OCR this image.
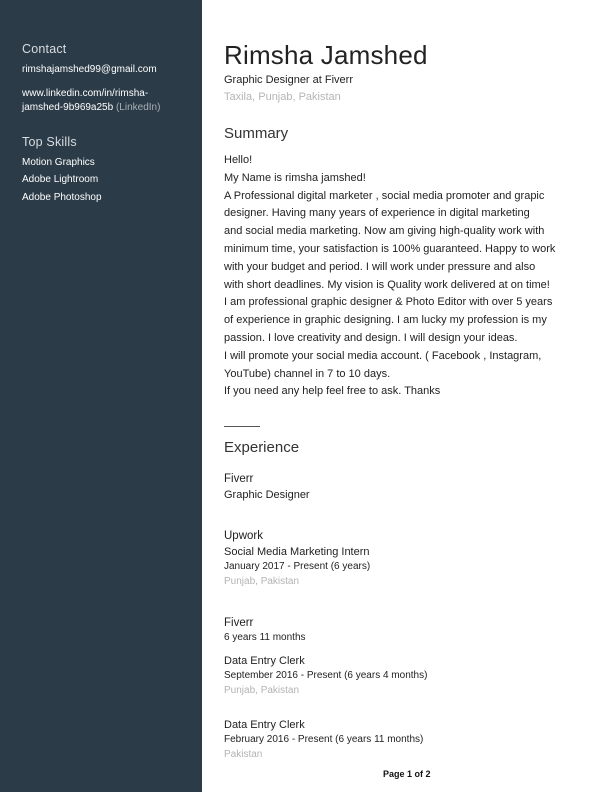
Contact
rimshajamshed99@gmail.com
www.linkedin.com/in/rimsha-
jamshed-9b969a25b (LinkedIn)
Top Skills
Motion Graphics
Adobe Lightroom
Adobe Photoshop
Rimsha Jamshed
Graphic Designer at Fiverr
Taxila, Punjab, Pakistan
Summary
Hello!
My Name is rimsha jamshed!
A Professional digital marketer , social media promoter and grapic
designer. Having many years of experience in digital marketing
and social media marketing. Now am giving high-quality work with
minimum time, your satisfaction is 100% guaranteed. Happy to work
with your budget and period. I will work under pressure and also
with short deadlines. My vision is Quality work delivered at on time!
I am professional graphic designer & Photo Editor with over 5 years
of experience in graphic designing. I am lucky my profession is my
passion. I love creativity and design. I will design your ideas.
I will promote your social media account. ( Facebook , Instagram,
YouTube) channel in 7 to 10 days.
If you need any help feel free to ask. Thanks
Experience
Fiverr
Graphic Designer
Upwork
Social Media Marketing Intern
January 2017 - Present (6 years)
Punjab, Pakistan
Fiverr
6 years 11 months
Data Entry Clerk
September 2016 - Present (6 years 4 months)
Punjab, Pakistan
Data Entry Clerk
February 2016 - Present (6 years 11 months)
Pakistan
Page 1 of 2
